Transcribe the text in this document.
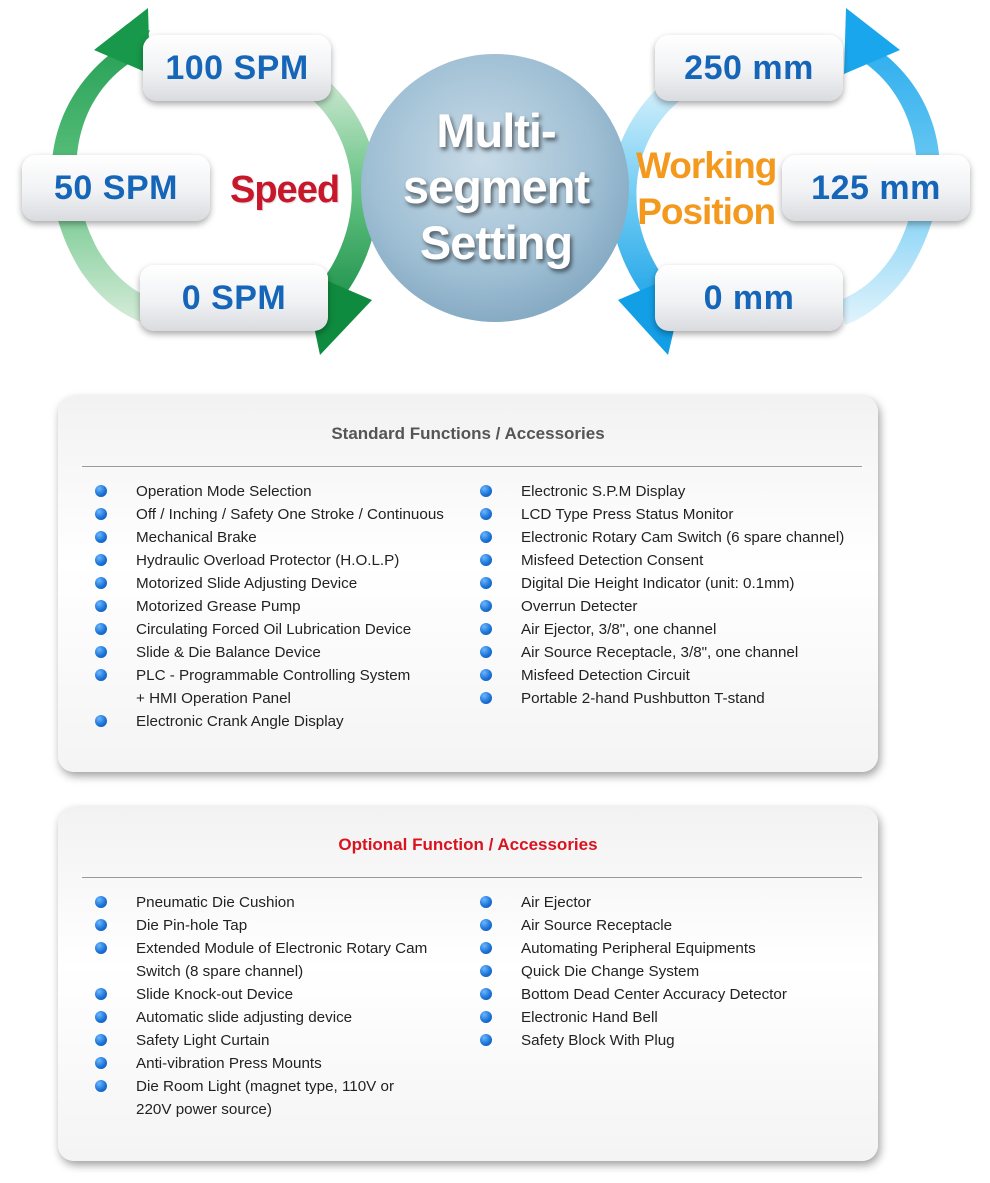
Multi-
segment
Setting
Speed
Working
Position
100 SPM
50 SPM
0 SPM
250 mm
125 mm
0 mm
Standard Functions / Accessories
Operation Mode Selection
Off / Inching / Safety One Stroke / Continuous
Mechanical Brake
Hydraulic Overload Protector (H.O.L.P)
Motorized Slide Adjusting Device
Motorized Grease Pump
Circulating Forced Oil Lubrication Device
Slide & Die Balance Device
PLC - Programmable Controlling System
+ HMI Operation Panel
Electronic Crank Angle Display
Electronic S.P.M Display
LCD Type Press Status Monitor
Electronic Rotary Cam Switch (6 spare channel)
Misfeed Detection Consent
Digital Die Height Indicator (unit: 0.1mm)
Overrun Detecter
Air Ejector, 3/8", one channel
Air Source Receptacle, 3/8", one channel
Misfeed Detection Circuit
Portable 2-hand Pushbutton T-stand
Optional Function / Accessories
Pneumatic Die Cushion
Die Pin-hole Tap
Extended Module of Electronic Rotary Cam
Switch (8 spare channel)
Slide Knock-out Device
Automatic slide adjusting device
Safety Light Curtain
Anti-vibration Press Mounts
Die Room Light (magnet type, 110V or
220V power source)
Air Ejector
Air Source Receptacle
Automating Peripheral Equipments
Quick Die Change System
Bottom Dead Center Accuracy Detector
Electronic Hand Bell
Safety Block With Plug
